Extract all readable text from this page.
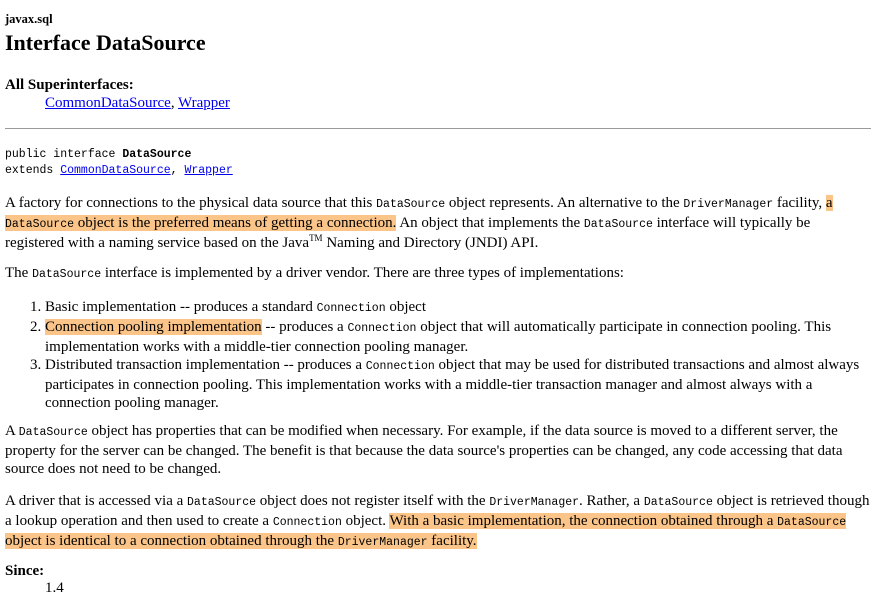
javax.sql
Interface DataSource
All Superinterfaces:
CommonDataSource, Wrapper
public interface DataSource
extends CommonDataSource, Wrapper

A factory for connections to the physical data source that this DataSource object represents. An alternative to the DriverManager facility, a DataSource object is the preferred means of getting a connection. An object that implements the DataSource interface will typically be registered with a naming service based on the Java™ Naming and Directory (JNDI) API.

The DataSource interface is implemented by a driver vendor. There are three types of implementations:

1. Basic implementation -- produces a standard Connection object
2. Connection pooling implementation -- produces a Connection object that will automatically participate in connection pooling. This implementation works with a middle-tier connection pooling manager.
3. Distributed transaction implementation -- produces a Connection object that may be used for distributed transactions and almost always participates in connection pooling. This implementation works with a middle-tier transaction manager and almost always with a connection pooling manager.

A DataSource object has properties that can be modified when necessary. For example, if the data source is moved to a different server, the property for the server can be changed. The benefit is that because the data source's properties can be changed, any code accessing that data source does not need to be changed.

A driver that is accessed via a DataSource object does not register itself with the DriverManager. Rather, a DataSource object is retrieved though a lookup operation and then used to create a Connection object. With a basic implementation, the connection obtained through a DataSource object is identical to a connection obtained through the DriverManager facility.

Since:
1.4
